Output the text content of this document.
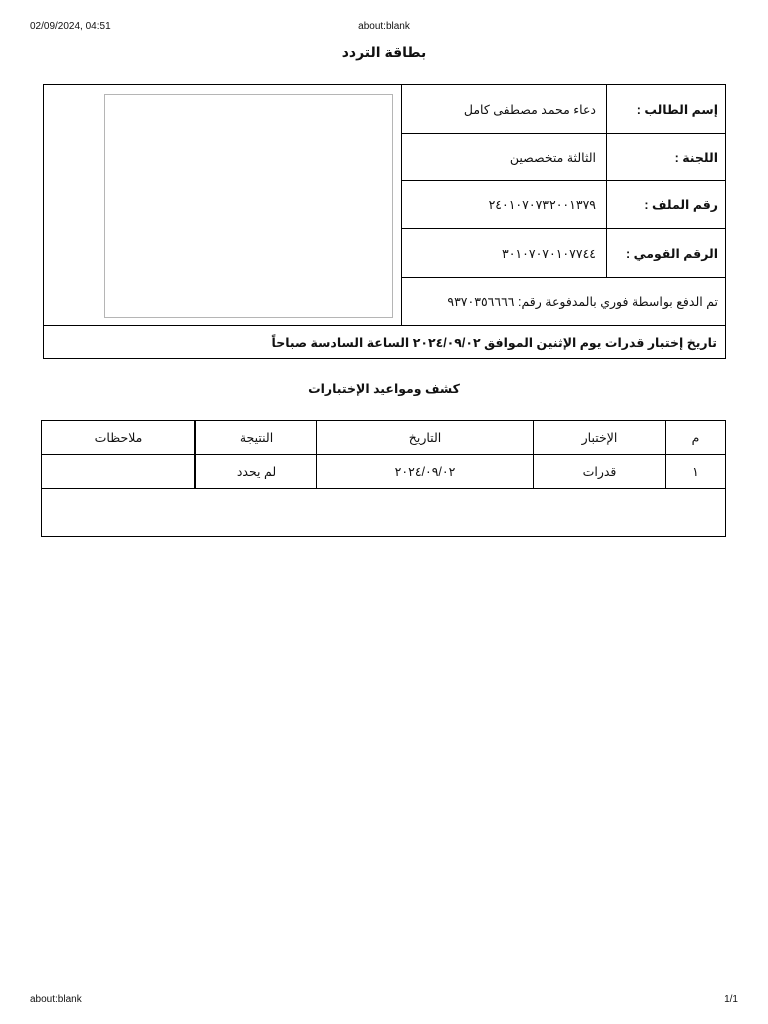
02/09/2024, 04:51	about:blank
about:blank	1/1
بطاقة التردد
إسم الطالب :
دعاء محمد مصطفى كامل
اللجنة :
الثالثة متخصصين
رقم الملف :
٢٤٠١٠٧٠٧٣٢٠٠١٣٧٩
الرقم القومي :
٣٠١٠٧٠٧٠١٠٧٧٤٤
تم الدفع بواسطة فوري بالمدفوعة رقم: ٩٣٧٠٣٥٦٦٦٦
تاريخ إختبار قدرات يوم الإثنين الموافق ٢٠٢٤/٠٩/٠٢ الساعة السادسة صباحاً
كشف ومواعيد الإختبارات
م
الإختبار
التاريخ
النتيجة
ملاحظات
١
قدرات
٢٠٢٤/٠٩/٠٢
لم يحدد
